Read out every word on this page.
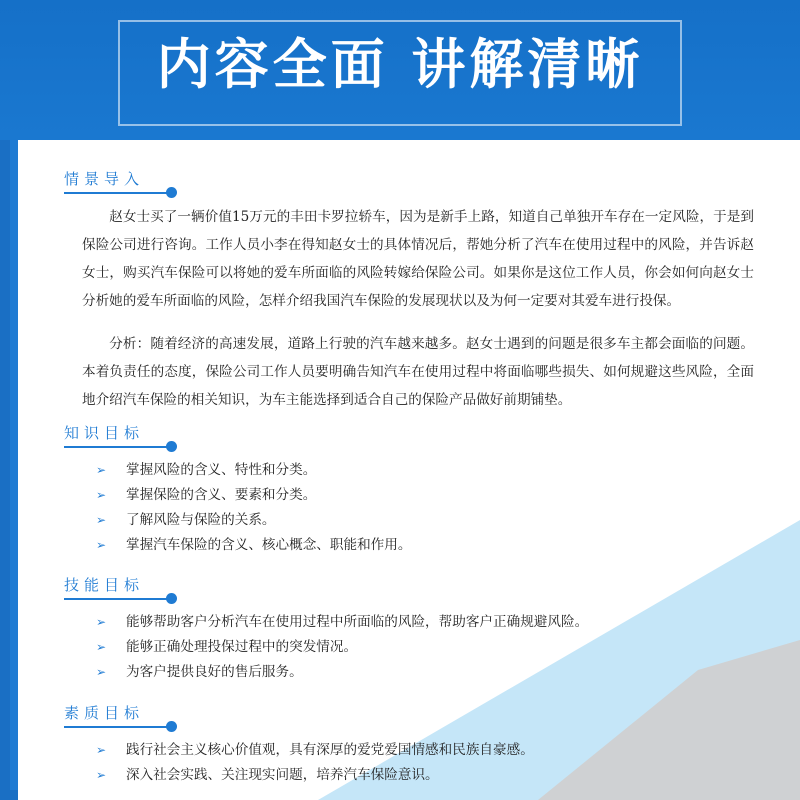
内容全面 讲解清晰
情景导入

赵女士买了一辆价值15万元的丰田卡罗拉轿车，因为是新手上路，知道自己单独开车存在一定风险，于是到保险公司进行咨询。工作人员小李在得知赵女士的具体情况后，帮她分析了汽车在使用过程中的风险，并告诉赵女士，购买汽车保险可以将她的爱车所面临的风险转嫁给保险公司。如果你是这位工作人员，你会如何向赵女士分析她的爱车所面临的风险，怎样介绍我国汽车保险的发展现状以及为何一定要对其爱车进行投保。

分析：随着经济的高速发展，道路上行驶的汽车越来越多。赵女士遇到的问题是很多车主都会面临的问题。本着负责任的态度，保险公司工作人员要明确告知汽车在使用过程中将面临哪些损失、如何规避这些风险，全面地介绍汽车保险的相关知识，为车主能选择到适合自己的保险产品做好前期铺垫。

知识目标
➢ 掌握风险的含义、特性和分类。
➢ 掌握保险的含义、要素和分类。
➢ 了解风险与保险的关系。
➢ 掌握汽车保险的含义、核心概念、职能和作用。
技能目标
➢ 能够帮助客户分析汽车在使用过程中所面临的风险，帮助客户正确规避风险。
➢ 能够正确处理投保过程中的突发情况。
➢ 为客户提供良好的售后服务。
素质目标
➢ 践行社会主义核心价值观，具有深厚的爱党爱国情感和民族自豪感。
➢ 深入社会实践、关注现实问题，培养汽车保险意识。
